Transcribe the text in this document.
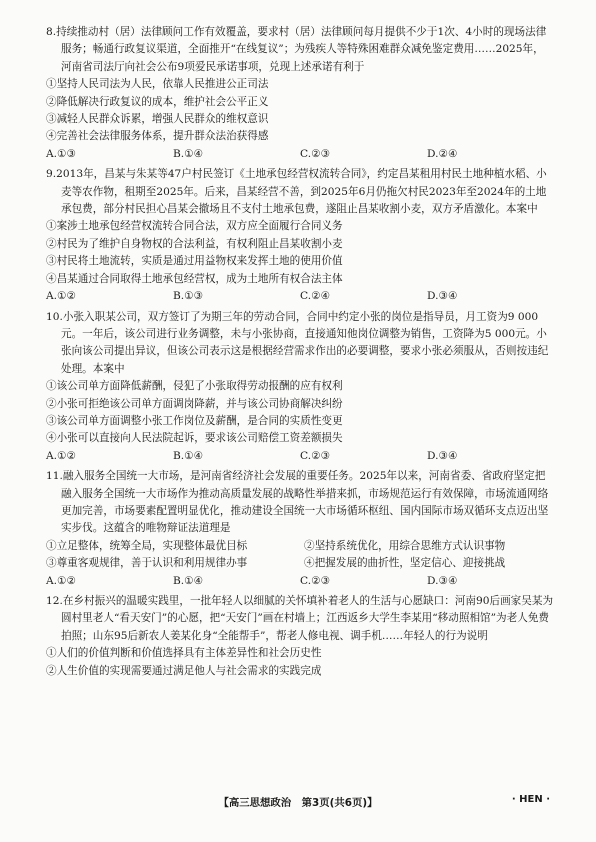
8.持续推动村（居）法律顾问工作有效覆盖，要求村（居）法律顾问每月提供不少于1次、4小时的现场法律服务；畅通行政复议渠道，全面推开“在线复议”；为残疾人等特殊困难群众减免鉴定费用……2025年，河南省司法厅向社会公布9项爱民承诺事项，兑现上述承诺有利于
①坚持人民司法为人民，依靠人民推进公正司法
②降低解决行政复议的成本，维护社会公平正义
③减轻人民群众诉累，增强人民群众的维权意识
④完善社会法律服务体系，提升群众法治获得感
A.①③	B.①④	C.②③	D.②④
9.2013年，昌某与朱某等47户村民签订《土地承包经营权流转合同》，约定昌某租用村民土地种植水稻、小麦等农作物，租期至2025年。后来，昌某经营不善，到2025年6月仍拖欠村民2023年至2024年的土地承包费，部分村民担心昌某会撤场且不支付土地承包费，遂阻止昌某收割小麦，双方矛盾激化。本案中
①案涉土地承包经营权流转合同合法，双方应全面履行合同义务
②村民为了维护自身物权的合法利益，有权利阻止昌某收割小麦
③村民将土地流转，实质是通过用益物权来发挥土地的使用价值
④昌某通过合同取得土地承包经营权，成为土地所有权合法主体
A.①②	B.①③	C.②④	D.③④
10.小张入职某公司，双方签订了为期三年的劳动合同，合同中约定小张的岗位是指导员，月工资为9 000元。一年后，该公司进行业务调整，未与小张协商，直接通知他岗位调整为销售，工资降为5 000元。小张向该公司提出异议，但该公司表示这是根据经营需求作出的必要调整，要求小张必须服从，否则按违纪处理。本案中
①该公司单方面降低薪酬，侵犯了小张取得劳动报酬的应有权利
②小张可拒绝该公司单方面调岗降薪，并与该公司协商解决纠纷
③该公司单方面调整小张工作岗位及薪酬，是合同的实质性变更
④小张可以直接向人民法院起诉，要求该公司赔偿工资差额损失
A.①②	B.①④	C.②③	D.③④
11.融入服务全国统一大市场，是河南省经济社会发展的重要任务。2025年以来，河南省委、省政府坚定把融入服务全国统一大市场作为推动高质量发展的战略性举措来抓，市场规范运行有效保障，市场流通网络更加完善，市场要素配置明显优化，推动建设全国统一大市场循环枢纽、国内国际市场双循环支点迈出坚实步伐。这蕴含的唯物辩证法道理是
①立足整体，统筹全局，实现整体最优目标	②坚持系统优化，用综合思维方式认识事物
③尊重客观规律，善于认识和利用规律办事	④把握发展的曲折性，坚定信心、迎接挑战
A.①②	B.①④	C.②③	D.③④
12.在乡村振兴的温暖实践里，一批年轻人以细腻的关怀填补着老人的生活与心愿缺口：河南90后画家吴某为圆村里老人“看天安门”的心愿，把“天安门”画在村墙上；江西返乡大学生李某用“移动照相馆”为老人免费拍照；山东95后新农人姜某化身“全能帮手”，帮老人修电视、调手机……年轻人的行为说明
①人们的价值判断和价值选择具有主体差异性和社会历史性
②人生价值的实现需要通过满足他人与社会需求的实践完成
【高三思想政治　第3页(共6页)】	· HEN ·
